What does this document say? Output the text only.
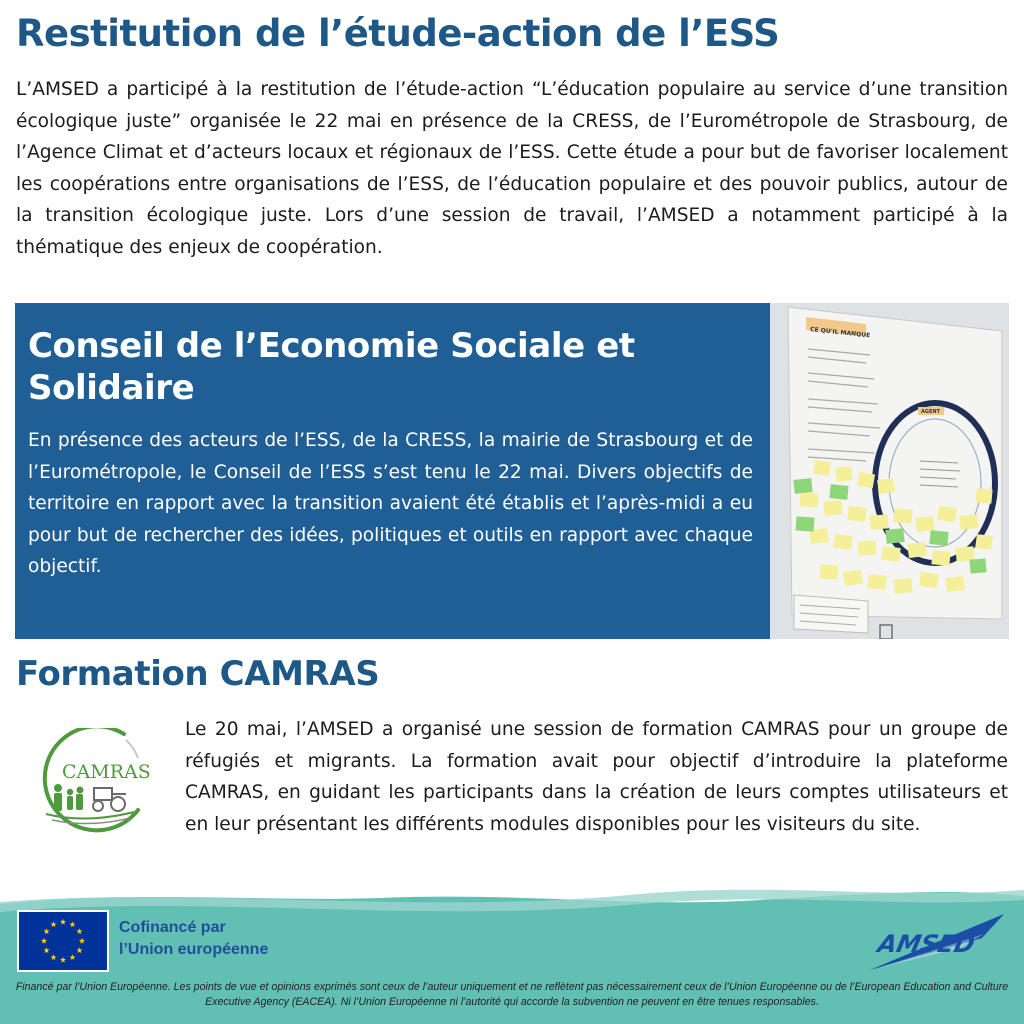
Restitution de l’étude-action de l’ESS

L’AMSED a participé à la restitution de l’étude-action “L’éducation populaire au service d’une transition écologique juste” organisée le 22 mai en présence de la CRESS, de l’Eurométropole de Strasbourg, de l’Agence Climat et d’acteurs locaux et régionaux de l’ESS. Cette étude a pour but de favoriser localement les coopérations entre organisations de l’ESS, de l’éducation populaire et des pouvoir publics, autour de la transition écologique juste. Lors d’une session de travail, l’AMSED a notamment participé à la thématique des enjeux de coopération.

Conseil de l’Economie Sociale et Solidaire

En présence des acteurs de l’ESS, de la CRESS, la mairie de Strasbourg et de l’Eurométropole, le Conseil de l’ESS s’est tenu le 22 mai. Divers objectifs de territoire en rapport avec la transition avaient été établis et l’après-midi a eu pour but de rechercher des idées, politiques et outils en rapport avec chaque objectif.

CE QU'IL MANQUE
AGENT
Formation CAMRAS
CAMRAS

Le 20 mai, l’AMSED a organisé une session de formation CAMRAS pour un groupe de réfugiés et migrants. La formation avait pour objectif d’introduire la plateforme CAMRAS, en guidant les participants dans la création de leurs comptes utilisateurs et en leur présentant les différents modules disponibles pour les visiteurs du site.

Cofinancé par
l’Union européenne	AMSED

Financé par l’Union Européenne. Les points de vue et opinions exprimés sont ceux de l’auteur uniquement et ne reflètent pas nécessairement ceux de l’Union Européenne ou de l’European Education and Culture Executive Agency (EACEA). Ni l’Union Européenne ni l’autorité qui accorde la subvention ne peuvent en être tenues responsables.
